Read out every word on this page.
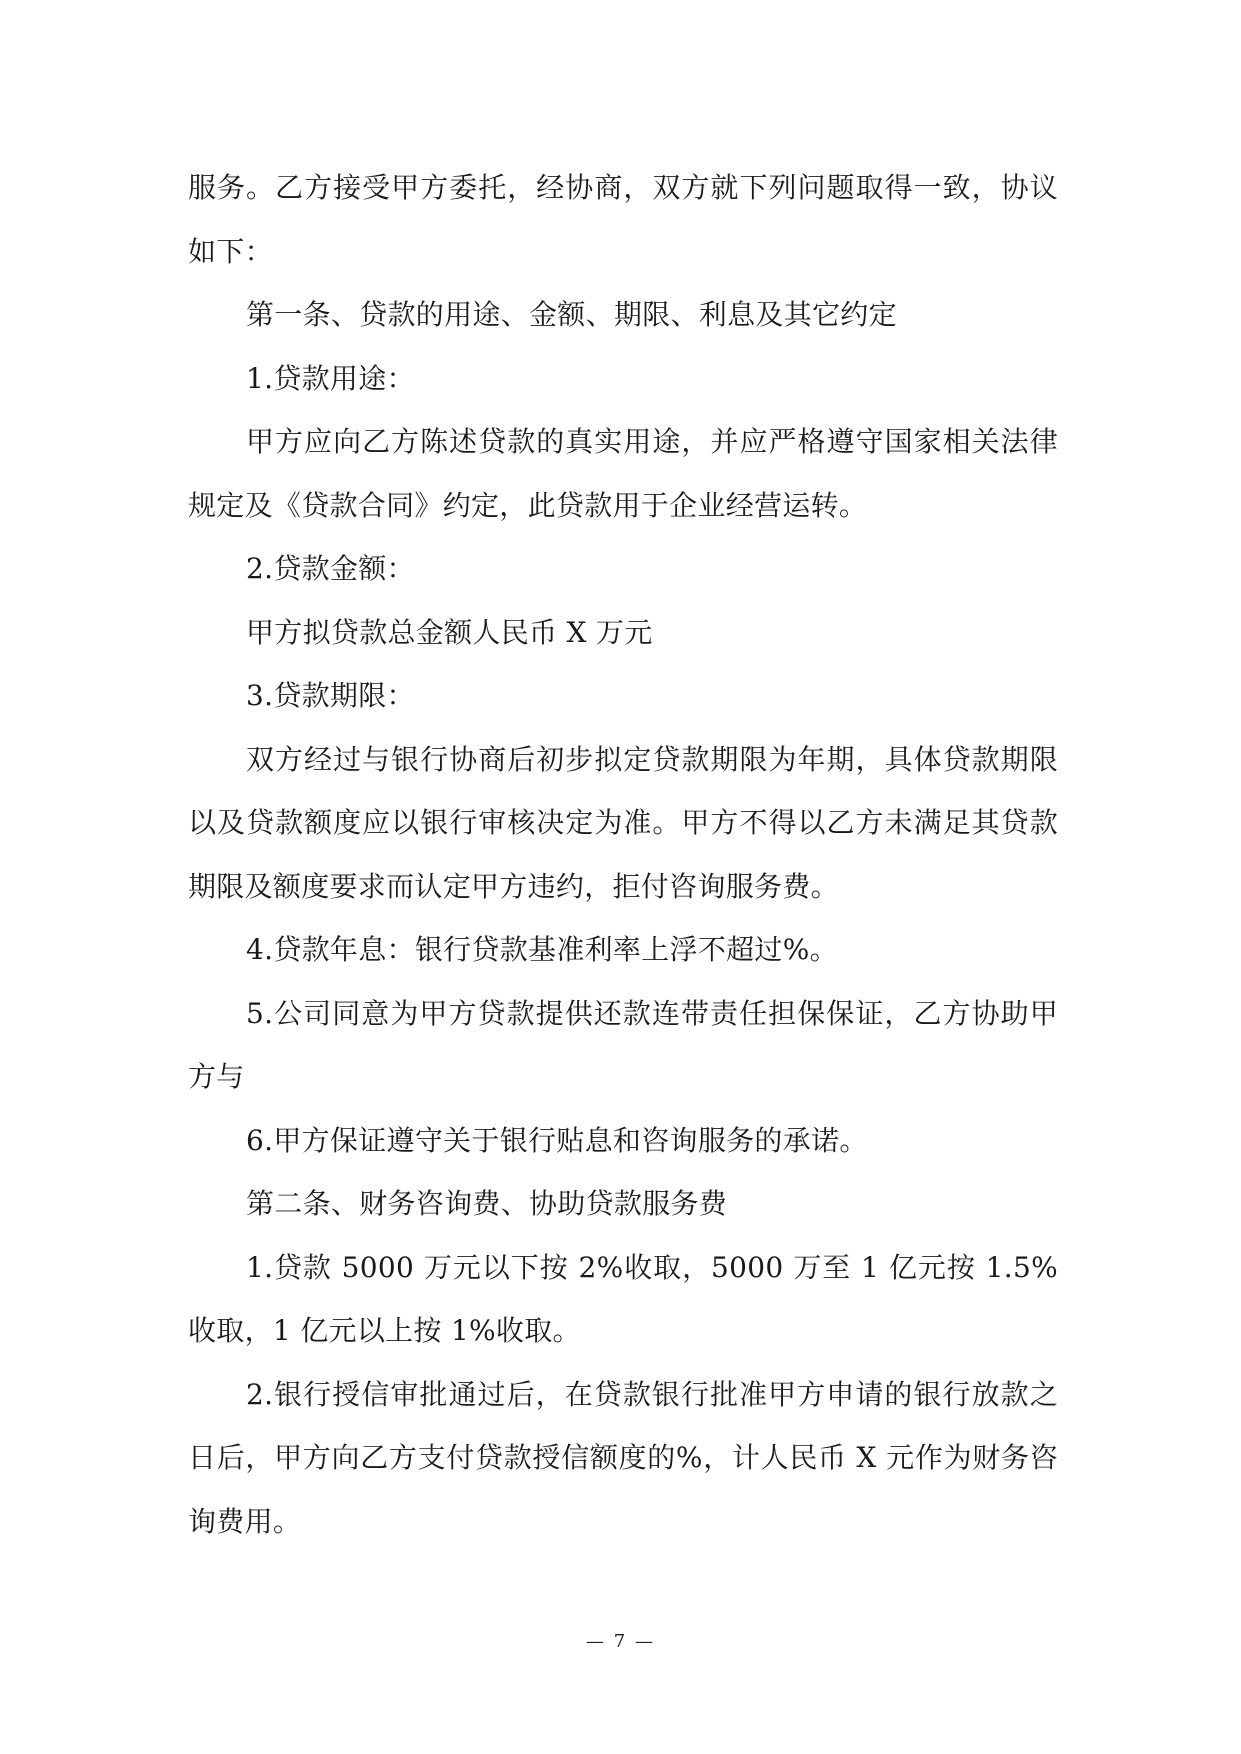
服务。乙方接受甲方委托，经协商，双方就下列问题取得一致，协议如下：

第一条、贷款的用途、金额、期限、利息及其它约定

1.贷款用途：

甲方应向乙方陈述贷款的真实用途，并应严格遵守国家相关法律规定及《贷款合同》约定，此贷款用于企业经营运转。

2.贷款金额：

甲方拟贷款总金额人民币 X 万元

3.贷款期限：

双方经过与银行协商后初步拟定贷款期限为年期，具体贷款期限以及贷款额度应以银行审核决定为准。甲方不得以乙方未满足其贷款期限及额度要求而认定甲方违约，拒付咨询服务费。

4.贷款年息：银行贷款基准利率上浮不超过%。

5.公司同意为甲方贷款提供还款连带责任担保保证，乙方协助甲方与

6.甲方保证遵守关于银行贴息和咨询服务的承诺。

第二条、财务咨询费、协助贷款服务费

1.贷款 5000 万元以下按 2%收取，5000 万至 1 亿元按 1.5%收取，1 亿元以上按 1%收取。

2.银行授信审批通过后，在贷款银行批准甲方申请的银行放款之日后，甲方向乙方支付贷款授信额度的%，计人民币 X 元作为财务咨询费用。

— 7 —
